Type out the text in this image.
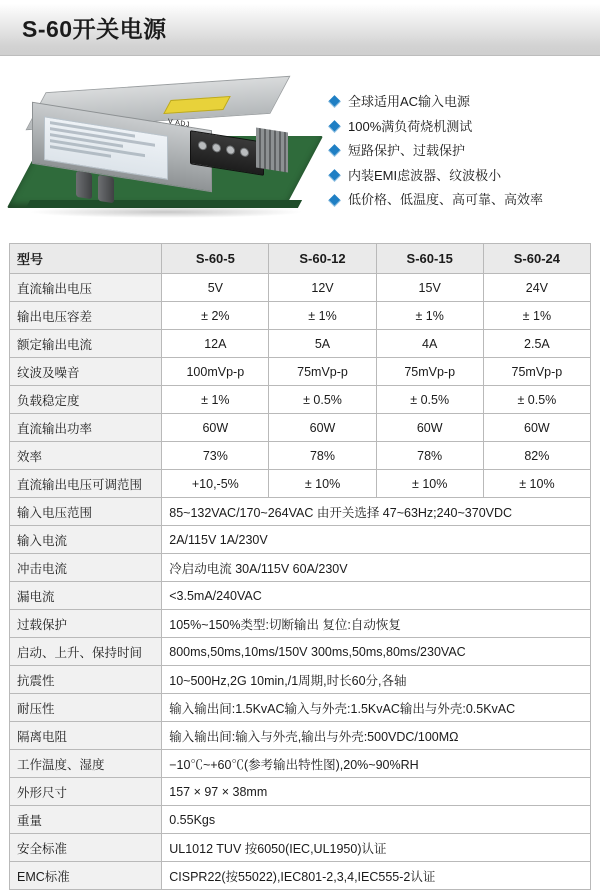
S-60开关电源
V ADJ
全球适用AC输入电源
100%满负荷烧机测试
短路保护、过载保护
内装EMI虑波器、纹波极小
低价格、低温度、高可靠、高效率
型号	S-60-5	S-60-12	S-60-15	S-60-24
直流输出电压	5V	12V	15V	24V
输出电压容差	± 2%	± 1%	± 1%	± 1%
额定输出电流	12A	5A	4A	2.5A
纹波及噪音	100mVp-p	75mVp-p	75mVp-p	75mVp-p
负载稳定度	± 1%	± 0.5%	± 0.5%	± 0.5%
直流输出功率	60W	60W	60W	60W
效率	73%	78%	78%	82%
直流输出电压可调范围	+10,-5%	± 10%	± 10%	± 10%
输入电压范围	85~132VAC/170~264VAC 由开关选择 47~63Hz;240~370VDC			
输入电流	2A/115V 1A/230V			
冲击电流	冷启动电流 30A/115V 60A/230V			
漏电流	<3.5mA/240VAC			
过载保护	105%~150%类型:切断输出 复位:自动恢复			
启动、上升、保持时间	800ms,50ms,10ms/150V 300ms,50ms,80ms/230VAC			
抗震性	10~500Hz,2G 10min,/1周期,时长60分,各轴			
耐压性	输入输出间:1.5KvAC输入与外壳:1.5KvAC输出与外壳:0.5KvAC			
隔离电阻	输入输出间:输入与外壳,输出与外壳:500VDC/100MΩ			
工作温度、湿度	−10℃~+60℃(参考输出特性图),20%~90%RH			
外形尺寸	157 × 97 × 38mm			
重量	0.55Kgs			
安全标准	UL1012 TUV 按6050(IEC,UL1950)认证			
EMC标准	CISPR22(按55022),IEC801-2,3,4,IEC555-2认证			
